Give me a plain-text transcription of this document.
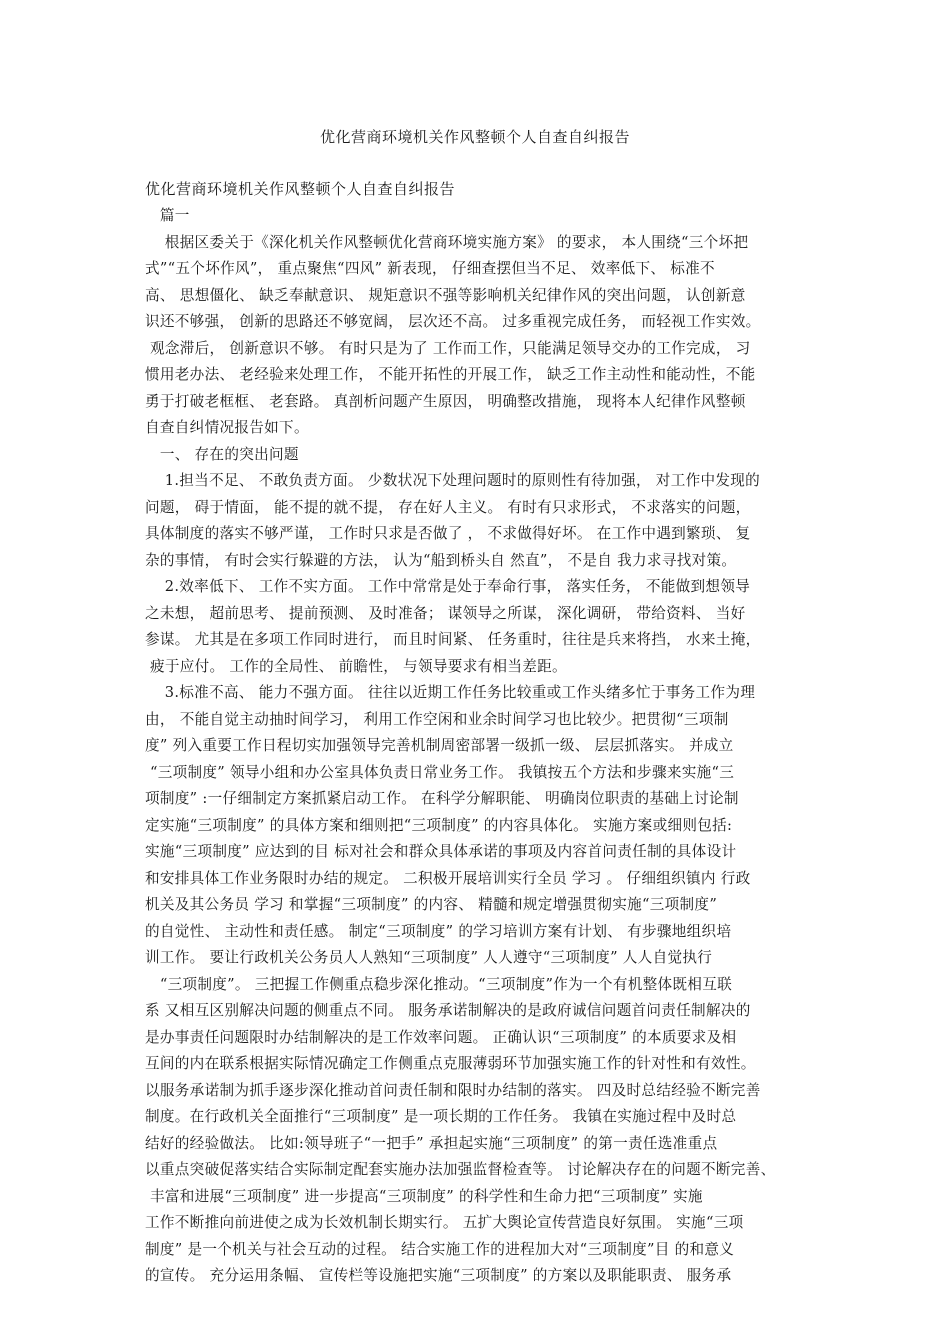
优化营商环境机关作风整顿个人自查自纠报告
优化营商环境机关作风整顿个人自查自纠报告
篇一
根据区委关于《深化机关作风整顿优化营商环境实施方案》 的要求， 本人围绕“三个坏把
式”“五个坏作风”， 重点聚焦“四风” 新表现， 仔细查摆但当不足、 效率低下、 标准不
高、 思想僵化、 缺乏奉献意识、 规矩意识不强等影响机关纪律作风的突出问题， 认创新意
识还不够强， 创新的思路还不够宽阔， 层次还不高。 过多重视完成任务， 而轻视工作实效。
观念滞后， 创新意识不够。 有时只是为了 工作而工作，只能满足领导交办的工作完成， 习
惯用老办法、 老经验来处理工作， 不能开拓性的开展工作， 缺乏工作主动性和能动性，不能
勇于打破老框框、 老套路。 真剖析问题产生原因， 明确整改措施， 现将本人纪律作风整顿
自查自纠情况报告如下。
一、 存在的突出问题
1.担当不足、 不敢负责方面。 少数状况下处理问题时的原则性有待加强， 对工作中发现的
问题， 碍于情面， 能不提的就不提， 存在好人主义。 有时有只求形式， 不求落实的问题，
具体制度的落实不够严谨， 工作时只求是否做了 ， 不求做得好坏。 在工作中遇到繁琐、 复
杂的事情， 有时会实行躲避的方法， 认为“船到桥头自 然直”， 不是自 我力求寻找对策。
2.效率低下、 工作不实方面。 工作中常常是处于奉命行事， 落实任务， 不能做到想领导
之未想， 超前思考、 提前预测、 及时准备； 谋领导之所谋， 深化调研， 带给资料、 当好
参谋。 尤其是在多项工作同时进行， 而且时间紧、 任务重时，往往是兵来将挡， 水来土掩，
疲于应付。 工作的全局性、 前瞻性， 与领导要求有相当差距。
3.标准不高、 能力不强方面。 往往以近期工作任务比较重或工作头绪多忙于事务工作为理
由， 不能自觉主动抽时间学习， 利用工作空闲和业余时间学习也比较少。把贯彻“三项制
度” 列入重要工作日程切实加强领导完善机制周密部署一级抓一级、 层层抓落实。 并成立
“三项制度” 领导小组和办公室具体负责日常业务工作。 我镇按五个方法和步骤来实施“三
项制度” :一仔细制定方案抓紧启动工作。 在科学分解职能、 明确岗位职责的基础上讨论制
定实施“三项制度” 的具体方案和细则把“三项制度” 的内容具体化。 实施方案或细则包括:
实施“三项制度” 应达到的目 标对社会和群众具体承诺的事项及内容首问责任制的具体设计
和安排具体工作业务限时办结的规定。 二积极开展培训实行全员 学习 。 仔细组织镇内 行政
机关及其公务员 学习 和掌握“三项制度” 的内容、 精髓和规定增强贯彻实施“三项制度”
的自觉性、 主动性和责任感。 制定“三项制度” 的学习培训方案有计划、 有步骤地组织培
训工作。 要让行政机关公务员人人熟知“三项制度” 人人遵守“三项制度” 人人自觉执行
“三项制度”。 三把握工作侧重点稳步深化推动。“三项制度”作为一个有机整体既相互联
系 又相互区别解决问题的侧重点不同。 服务承诺制解决的是政府诚信问题首问责任制解决的
是办事责任问题限时办结制解决的是工作效率问题。 正确认识“三项制度” 的本质要求及相
互间的内在联系根据实际情况确定工作侧重点克服薄弱环节加强实施工作的针对性和有效性。
以服务承诺制为抓手逐步深化推动首问责任制和限时办结制的落实。 四及时总结经验不断完善
制度。在行政机关全面推行“三项制度” 是一项长期的工作任务。 我镇在实施过程中及时总
结好的经验做法。 比如:领导班子“一把手” 承担起实施“三项制度” 的第一责任选准重点
以重点突破促落实结合实际制定配套实施办法加强监督检查等。 讨论解决存在的问题不断完善、
丰富和进展“三项制度” 进一步提高“三项制度” 的科学性和生命力把“三项制度” 实施
工作不断推向前进使之成为长效机制长期实行。 五扩大舆论宣传营造良好氛围。 实施“三项
制度” 是一个机关与社会互动的过程。 结合实施工作的进程加大对“三项制度”目 的和意义
的宣传。 充分运用条幅、 宣传栏等设施把实施“三项制度” 的方案以及职能职责、 服务承
